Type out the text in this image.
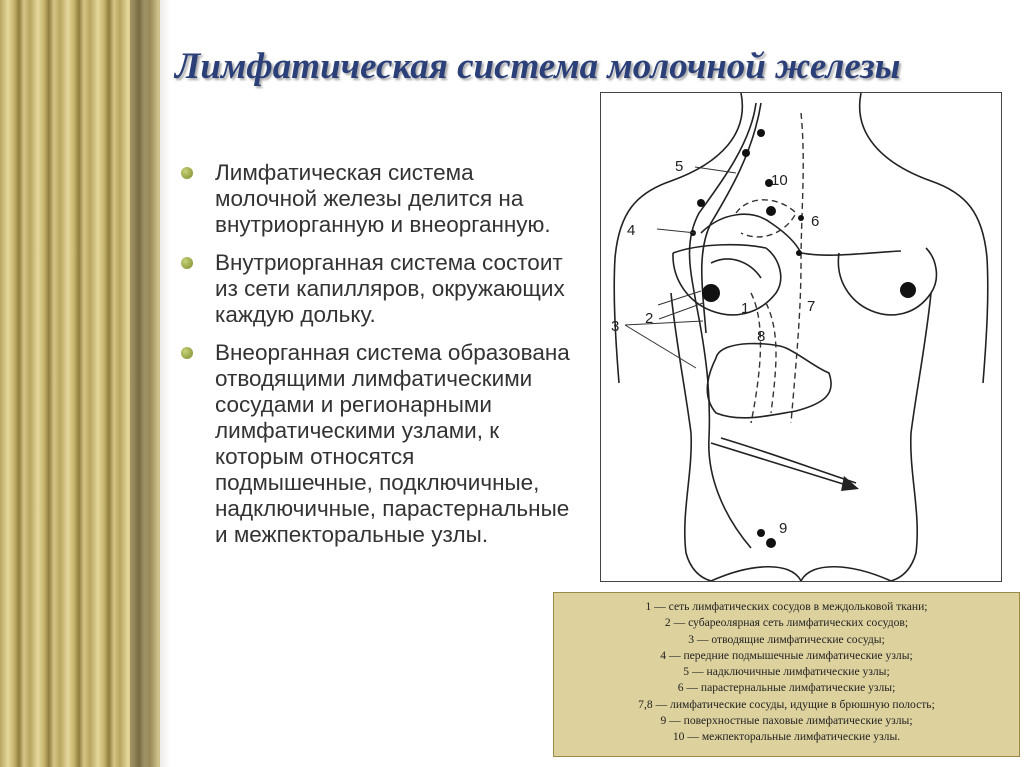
Лимфатическая система молочной железы
Лимфатическая система молочной железы делится на внутриорганную и внеорганную.
Внутриорганная система состоит из сети капилляров, окружающих каждую дольку.
Внеорганная система образована отводящими лимфатическими сосудами и регионарными лимфатическими узлами, к которым относятся подмышечные, подключичные, надключичные, парастернальные и межпекторальные узлы.
1
2
3
4
5
6
7
8
9
10
1 — сеть лимфатических сосудов в междольковой ткани;
2 — субареолярная сеть лимфатических сосудов;
3 — отводящие лимфатические сосуды;
4 — передние подмышечные лимфатические узлы;
5 — надключичные лимфатические узлы;
6 — парастернальные лимфатические узлы;
7,8 — лимфатические сосуды, идущие в брюшную полость;
9 — поверхностные паховые лимфатические узлы;
10 — межпекторальные лимфатические узлы.
